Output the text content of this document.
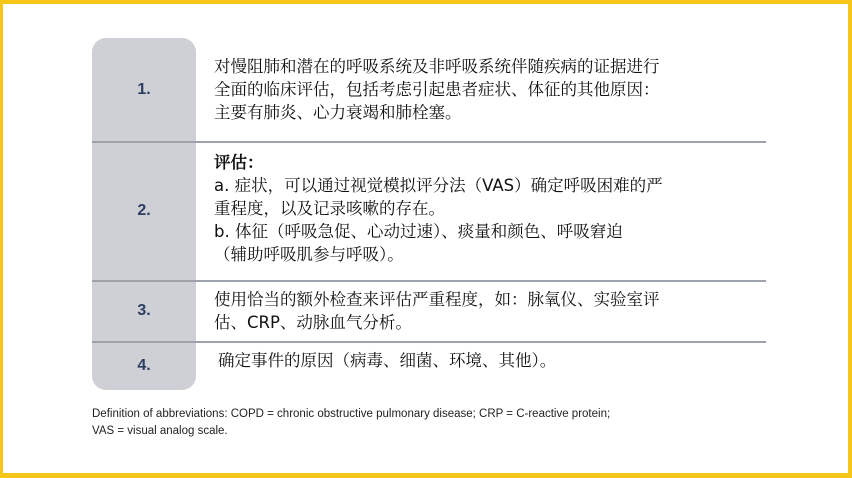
1.
对慢阻肺和潜在的呼吸系统及非呼吸系统伴随疾病的证据进行
全面的临床评估，包括考虑引起患者症状、体征的其他原因：
主要有肺炎、心力衰竭和肺栓塞。
2.
评估：
a. 症状，可以通过视觉模拟评分法（VAS）确定呼吸困难的严
重程度，以及记录咳嗽的存在。
b. 体征（呼吸急促、心动过速）、痰量和颜色、呼吸窘迫
（辅助呼吸肌参与呼吸）。
3.
使用恰当的额外检查来评估严重程度，如：脉氧仪、实验室评
估、CRP、动脉血气分析。
4.	确定事件的原因（病毒、细菌、环境、其他）。
Definition of abbreviations: COPD = chronic obstructive pulmonary disease; CRP = C-reactive protein;
VAS = visual analog scale.
